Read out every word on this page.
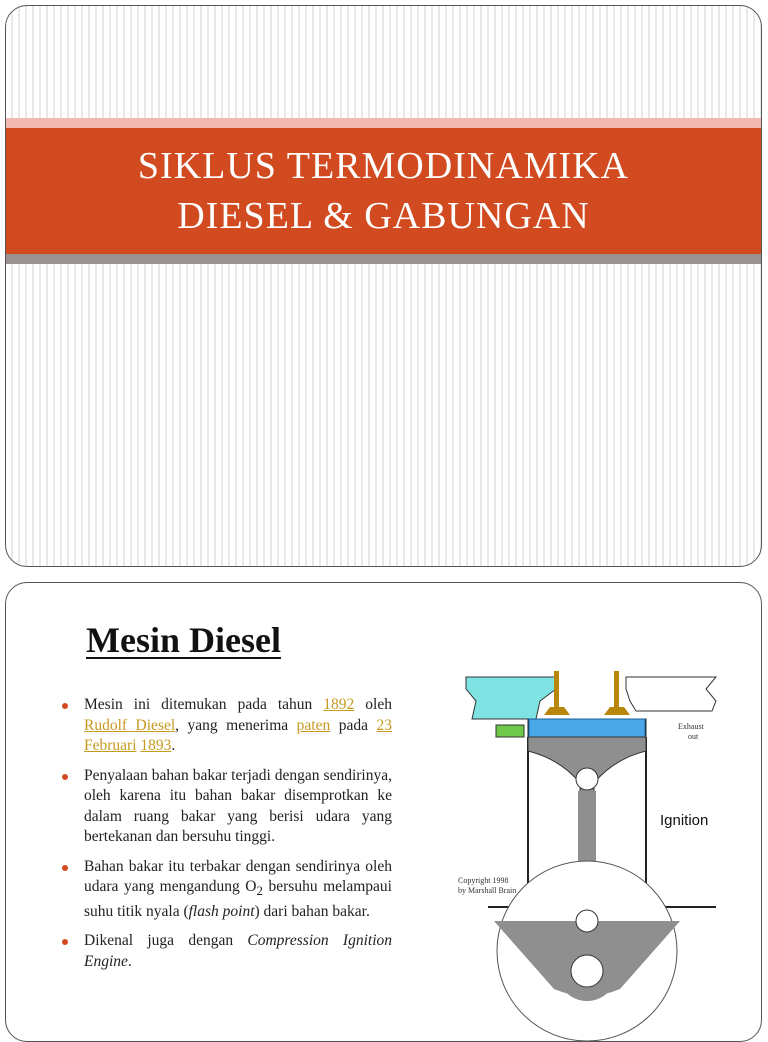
SIKLUS TERMODINAMIKA
DIESEL & GABUNGAN
Mesin Diesel
Mesin ini ditemukan pada tahun 1892 oleh Rudolf Diesel, yang menerima paten pada 23 Februari 1893.
Penyalaan bahan bakar terjadi dengan sendirinya, oleh karena itu bahan bakar disemprotkan ke dalam ruang bakar yang berisi udara yang bertekanan dan bersuhu tinggi.
Bahan bakar itu terbakar dengan sendirinya oleh udara yang mengandung $O_2$ bersuhu melampaui suhu titik nyala (flash point) dari bahan bakar.
Dikenal juga dengan Compression Ignition Engine.
Exhaust
out
Ignition
Copyright 1998
by Marshall Brain
